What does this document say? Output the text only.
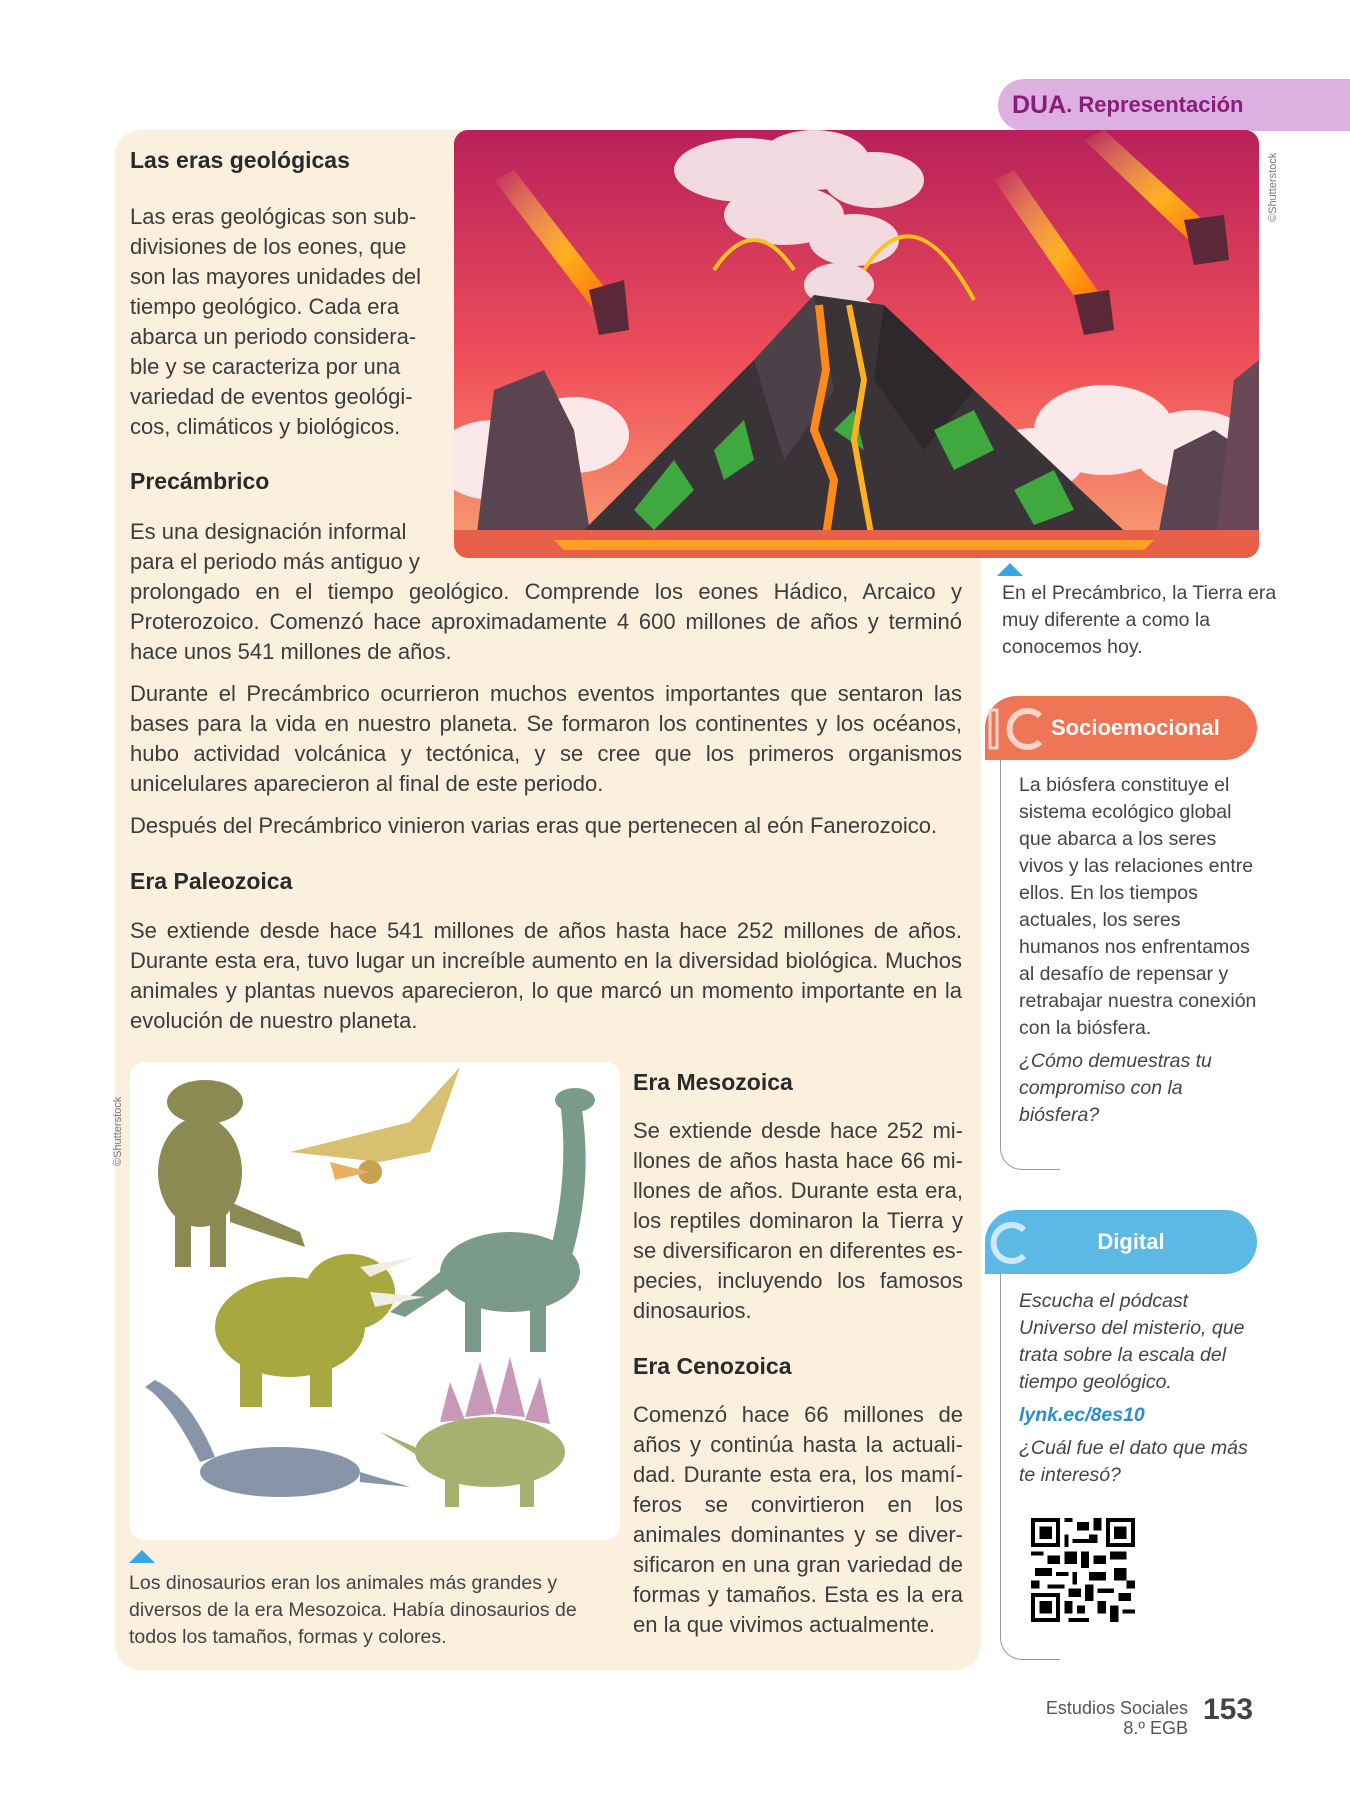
DUA . Representación
©Shutterstock
Las eras geológicas
Las eras geológicas son sub-
divisiones de los eones, que
son las mayores unidades del
tiempo geológico. Cada era
abarca un periodo considera-
ble y se caracteriza por una
variedad de eventos geológi-
cos, climáticos y biológicos.
Precámbrico
Es una designación informal
para el periodo más antiguo y

prolongado en el tiempo geológico. Comprende los eones Hádico, Arcaico y Proterozoico. Comenzó hace aproximadamente 4 600 millones de años y terminó hace unos 541 millones de años.

Durante el Precámbrico ocurrieron muchos eventos importantes que sentaron las bases para la vida en nuestro planeta. Se formaron los continentes y los océanos, hubo actividad volcánica y tectónica, y se cree que los primeros organismos unicelulares aparecieron al final de este periodo.

Después del Precámbrico vinieron varias eras que pertenecen al eón Fanerozoico.

Era Paleozoica
Se extiende desde hace 541 millones de años hasta hace 252 millones de años. Durante esta era, tuvo lugar un increíble aumento en la diversidad biológica. Muchos animales y plantas nuevos aparecieron, lo que marcó un momento importante en la evolución de nuestro planeta.
©Shutterstock
Los dinosaurios eran los animales más grandes y diversos de la era Mesozoica. Había dinosaurios de todos los tamaños, formas y colores.
Era Mesozoica
Se extiende desde hace 252 mi-llones de años hasta hace 66 mi-llones de años. Durante esta era, los reptiles dominaron la Tierra y se diversificaron en diferentes es-pecies, incluyendo los famosos dinosaurios.
Era Cenozoica
Comenzó hace 66 millones de años y continúa hasta la actuali-dad. Durante esta era, los mamí-feros se convirtieron en los animales dominantes y se diver-sificaron en una gran variedad de formas y tamaños. Esta es la era en la que vivimos actualmente.
En el Precámbrico, la Tierra era muy diferente a como la conocemos hoy.
Socioemocional

La biósfera constituye el sistema ecológico global que abarca a los seres vivos y las relaciones entre ellos. En los tiempos actuales, los seres humanos nos enfrentamos al desafío de repensar y retrabajar nuestra conexión con la biósfera.

¿Cómo demuestras tu compromiso con la biósfera?

Digital

Escucha el pódcast Universo del misterio, que trata sobre la escala del tiempo geológico.

lynk.ec/8es10

¿Cuál fue el dato que más te interesó?

Estudios Sociales
8.º EGB
153
